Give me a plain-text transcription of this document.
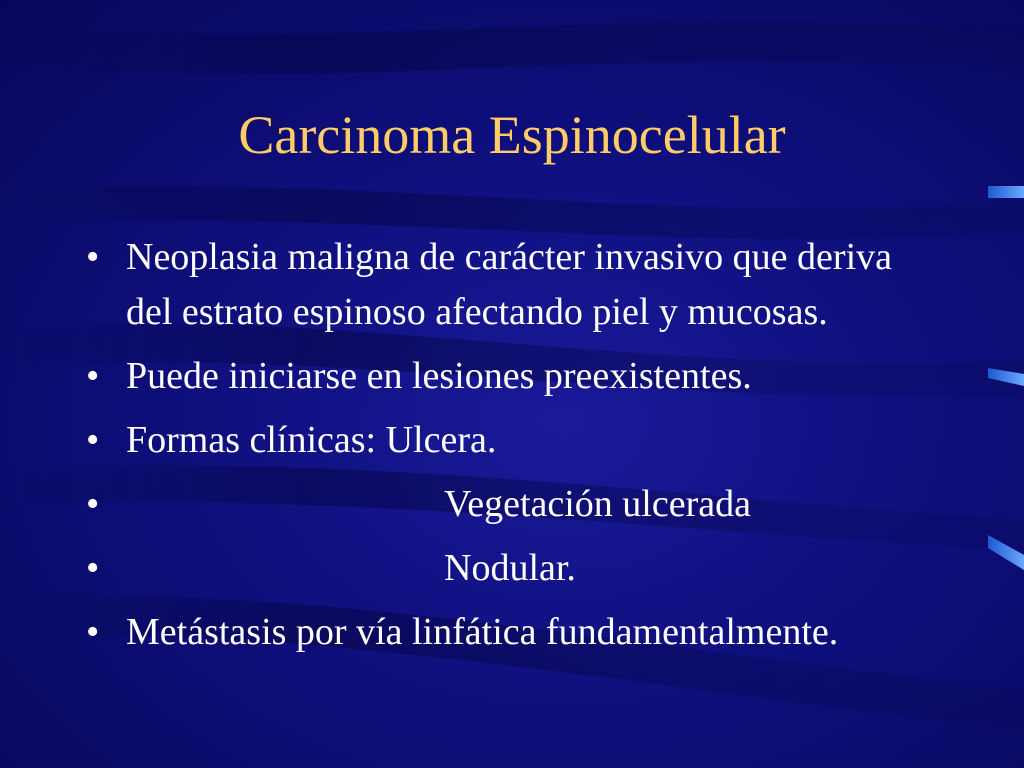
Carcinoma Espinocelular
• Neoplasia maligna de carácter invasivo que deriva del estrato espinoso afectando piel y mucosas.
• Puede iniciarse en lesiones preexistentes.
• Formas clínicas: Ulcera.
•	Vegetación ulcerada
•	Nodular.
• Metástasis por vía linfática fundamentalmente.
